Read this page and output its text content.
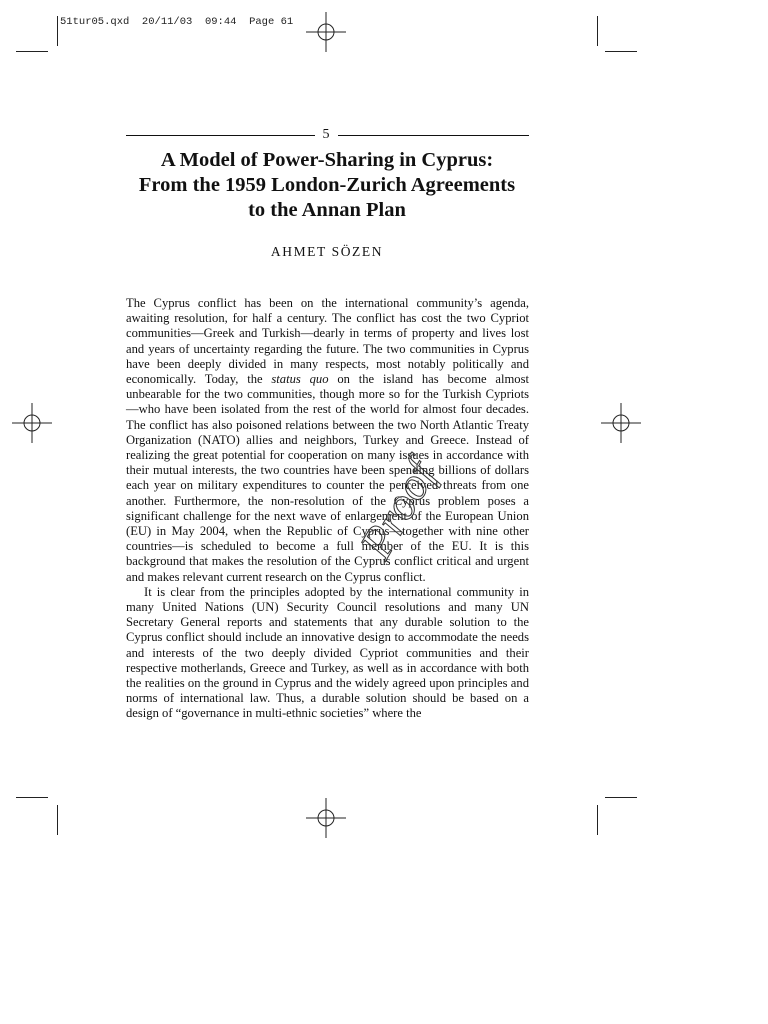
51tur05.qxd 20/11/03 09:44 Page 61
5
A Model of Power-Sharing in Cyprus:
From the 1959 London-Zurich Agreements
to the Annan Plan
AHMET SÖZEN

The Cyprus conflict has been on the international community’s agenda, awaiting resolution, for half a century. The conflict has cost the two Cypriot communities—Greek and Turkish—dearly in terms of property and lives lost and years of uncertainty regarding the future. The two communities in Cyprus have been deeply divided in many respects, most notably politically and economically. Today, the status quo on the island has become almost unbearable for the two communities, though more so for the Turkish Cypriots—who have been isolated from the rest of the world for almost four decades. The conflict has also poisoned relations between the two North Atlantic Treaty Organization (NATO) allies and neighbors, Turkey and Greece. Instead of realizing the great potential for cooperation on many issues in accordance with their mutual interests, the two countries have been spending billions of dollars each year on military expenditures to counter the perceived threats from one another. Furthermore, the non-resolution of the Cyprus problem poses a significant challenge for the next wave of enlargement of the European Union (EU) in May 2004, when the Republic of Cyprus—together with nine other countries—is scheduled to become a full member of the EU. It is this background that makes the resolution of the Cyprus conflict critical and urgent and makes relevant current research on the Cyprus conflict.

It is clear from the principles adopted by the international community in many United Nations (UN) Security Council resolutions and many UN Secretary General reports and statements that any durable solution to the Cyprus conflict should include an innovative design to accommodate the needs and interests of the two deeply divided Cypriot communities and their respective motherlands, Greece and Turkey, as well as in accordance with both the realities on the ground in Cyprus and the widely agreed upon principles and norms of international law. Thus, a durable solution should be based on a design of “governance in multi-ethnic societies” where the

Proof
